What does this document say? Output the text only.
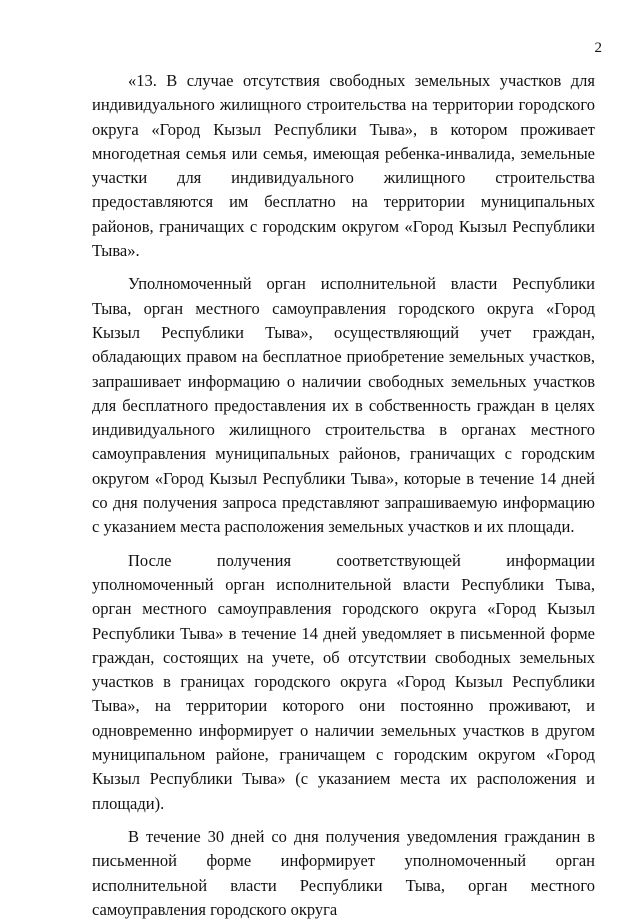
2

«13. В случае отсутствия свободных земельных участков для индивидуального жилищного строительства на территории городского округа «Город Кызыл Республики Тыва», в котором проживает многодетная семья или семья, имеющая ребенка-инвалида, земельные участки для индивидуального жилищного строительства предоставляются им бесплатно на территории муниципальных районов, граничащих с городским округом «Город Кызыл Республики Тыва».

Уполномоченный орган исполнительной власти Республики Тыва, орган местного самоуправления городского округа «Город Кызыл Республики Тыва», осуществляющий учет граждан, обладающих правом на бесплатное приобретение земельных участков, запрашивает информацию о наличии свободных земельных участков для бесплатного предоставления их в собственность граждан в целях индивидуального жилищного строительства в органах местного самоуправления муниципальных районов, граничащих с городским округом «Город Кызыл Республики Тыва», которые в течение 14 дней со дня получения запроса представляют запрашиваемую информацию с указанием места расположения земельных участков и их площади.

После получения соответствующей информации уполномоченный орган исполнительной власти Республики Тыва, орган местного самоуправления городского округа «Город Кызыл Республики Тыва» в течение 14 дней уведомляет в письменной форме граждан, состоящих на учете, об отсутствии свободных земельных участков в границах городского округа «Город Кызыл Республики Тыва», на территории которого они постоянно проживают, и одновременно информирует о наличии земельных участков в другом муниципальном районе, граничащем с городским округом «Город Кызыл Республики Тыва» (с указанием места их расположения и площади).

В течение 30 дней со дня получения уведомления гражданин в письменной форме информирует уполномоченный орган исполнительной власти Республики Тыва, орган местного самоуправления городского округа
